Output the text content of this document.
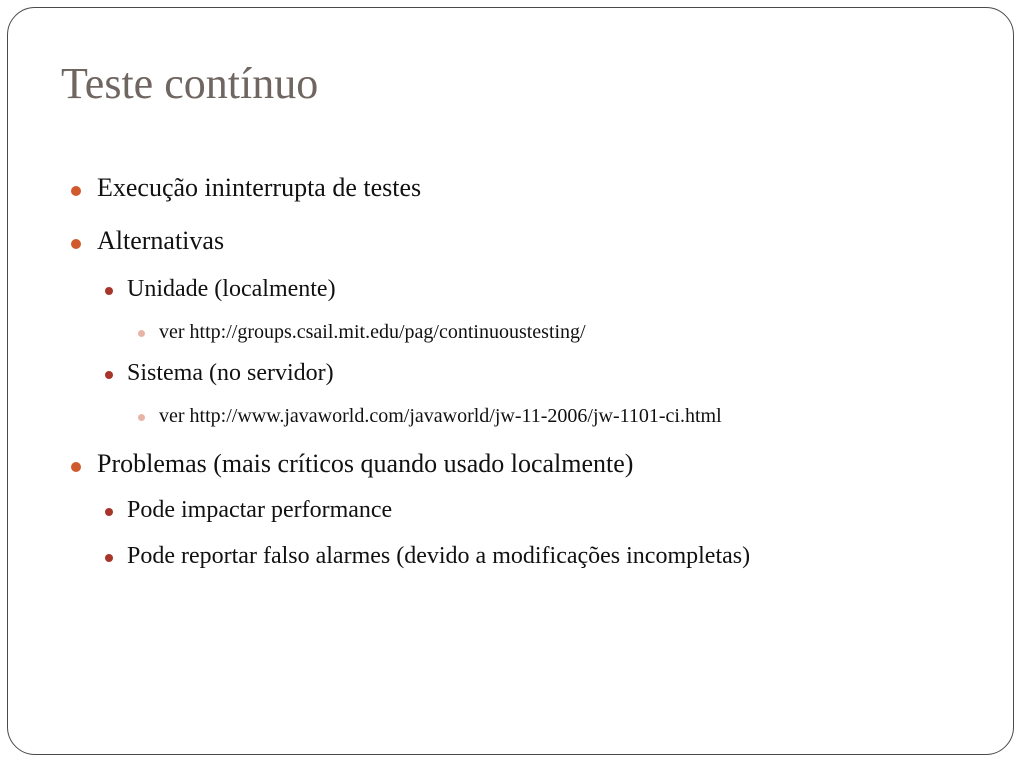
Teste contínuo
Execução ininterrupta de testes
Alternativas
Unidade (localmente)
ver http://groups.csail.mit.edu/pag/continuoustesting/
Sistema (no servidor)
ver http://www.javaworld.com/javaworld/jw-11-2006/jw-1101-ci.html
Problemas (mais críticos quando usado localmente)
Pode impactar performance
Pode reportar falso alarmes (devido a modificações incompletas)
